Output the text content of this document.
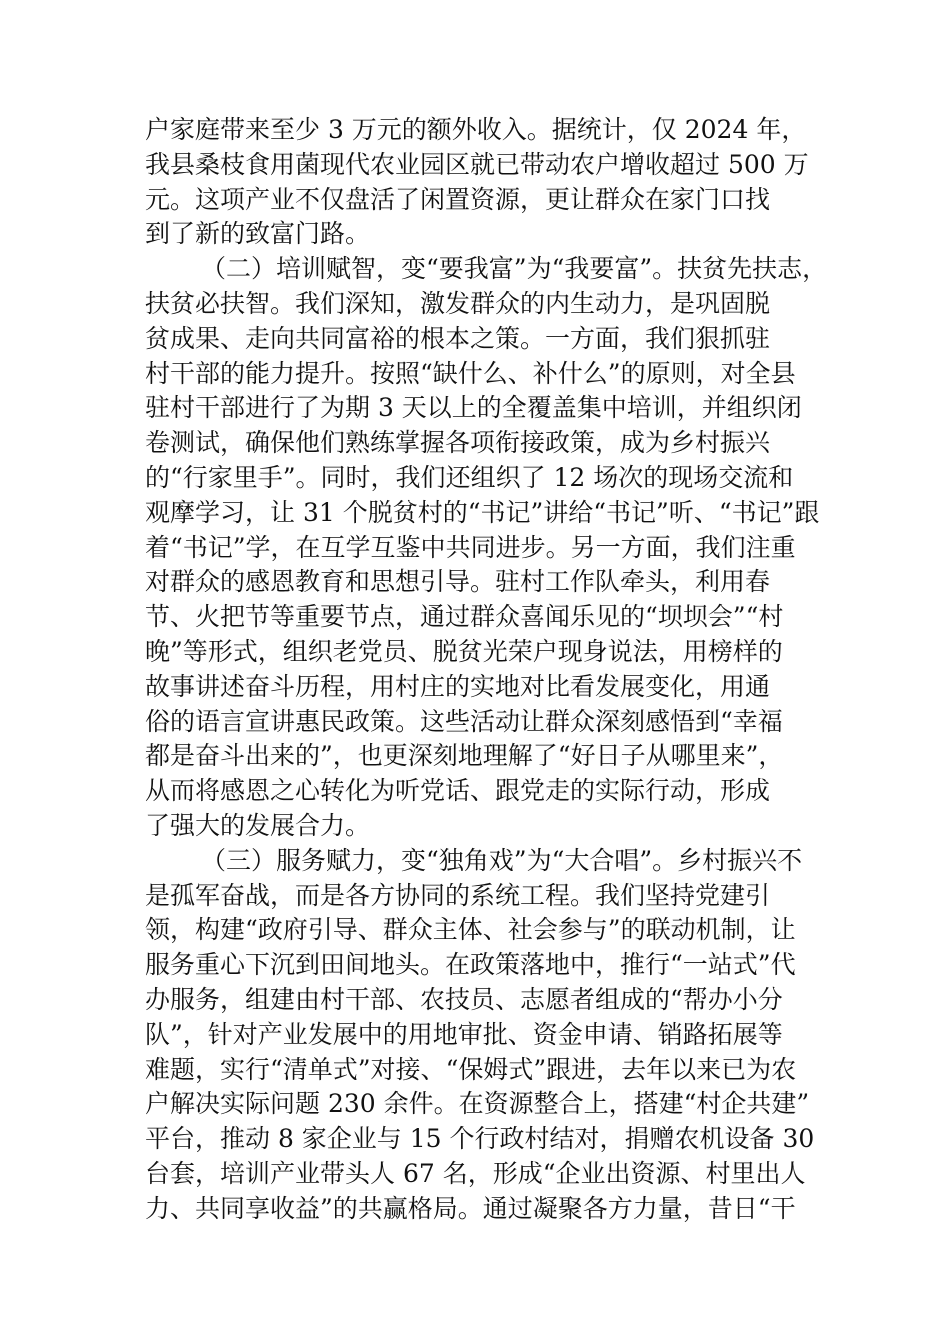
户家庭带来至少 3 万元的额外收入。据统计，仅 2024 年，
我县桑枝食用菌现代农业园区就已带动农户增收超过 500 万
元。这项产业不仅盘活了闲置资源，更让群众在家门口找
到了新的致富门路。
（二）培训赋智，变“要我富”为“我要富”。扶贫先扶志，
扶贫必扶智。我们深知，激发群众的内生动力，是巩固脱
贫成果、走向共同富裕的根本之策。一方面，我们狠抓驻
村干部的能力提升。按照“缺什么、补什么”的原则，对全县
驻村干部进行了为期 3 天以上的全覆盖集中培训，并组织闭
卷测试，确保他们熟练掌握各项衔接政策，成为乡村振兴
的“行家里手”。同时，我们还组织了 12 场次的现场交流和
观摩学习，让 31 个脱贫村的“书记”讲给“书记”听、“书记”跟
着“书记”学，在互学互鉴中共同进步。另一方面，我们注重
对群众的感恩教育和思想引导。驻村工作队牵头，利用春
节、火把节等重要节点，通过群众喜闻乐见的“坝坝会”“村
晚”等形式，组织老党员、脱贫光荣户现身说法，用榜样的
故事讲述奋斗历程，用村庄的实地对比看发展变化，用通
俗的语言宣讲惠民政策。这些活动让群众深刻感悟到“幸福
都是奋斗出来的”，也更深刻地理解了“好日子从哪里来”，
从而将感恩之心转化为听党话、跟党走的实际行动，形成
了强大的发展合力。
（三）服务赋力，变“独角戏”为“大合唱”。乡村振兴不
是孤军奋战，而是各方协同的系统工程。我们坚持党建引
领，构建“政府引导、群众主体、社会参与”的联动机制，让
服务重心下沉到田间地头。在政策落地中，推行“一站式”代
办服务，组建由村干部、农技员、志愿者组成的“帮办小分
队”，针对产业发展中的用地审批、资金申请、销路拓展等
难题，实行“清单式”对接、“保姆式”跟进，去年以来已为农
户解决实际问题 230 余件。在资源整合上，搭建“村企共建”
平台，推动 8 家企业与 15 个行政村结对，捐赠农机设备 30
台套，培训产业带头人 67 名，形成“企业出资源、村里出人
力、共同享收益”的共赢格局。通过凝聚各方力量，昔日“干
